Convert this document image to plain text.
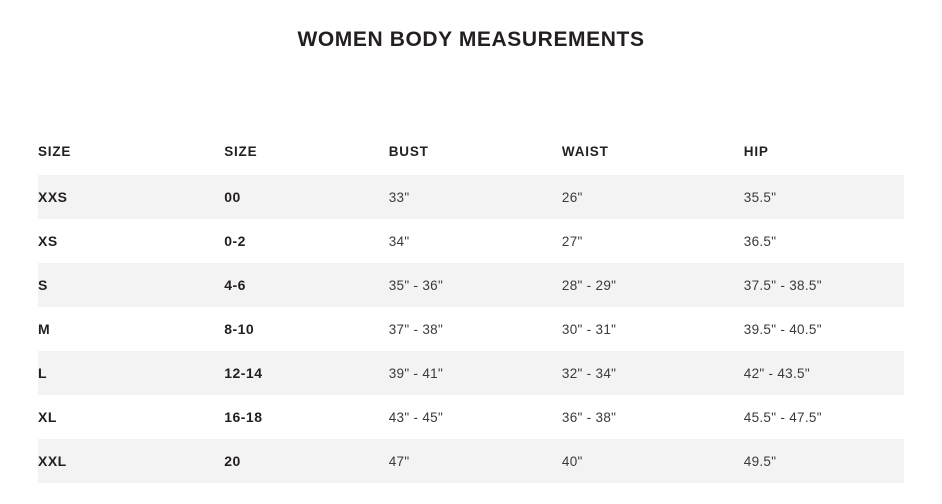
WOMEN BODY MEASUREMENTS
SIZE	SIZE	BUST	WAIST	HIP
XXS	00	33"	26"	35.5"
XS	0-2	34"	27"	36.5"
S	4-6	35" - 36"	28" - 29"	37.5" - 38.5"
M	8-10	37" - 38"	30" - 31"	39.5" - 40.5"
L	12-14	39" - 41"	32" - 34"	42" - 43.5"
XL	16-18	43" - 45"	36" - 38"	45.5" - 47.5"
XXL	20	47"	40"	49.5"
